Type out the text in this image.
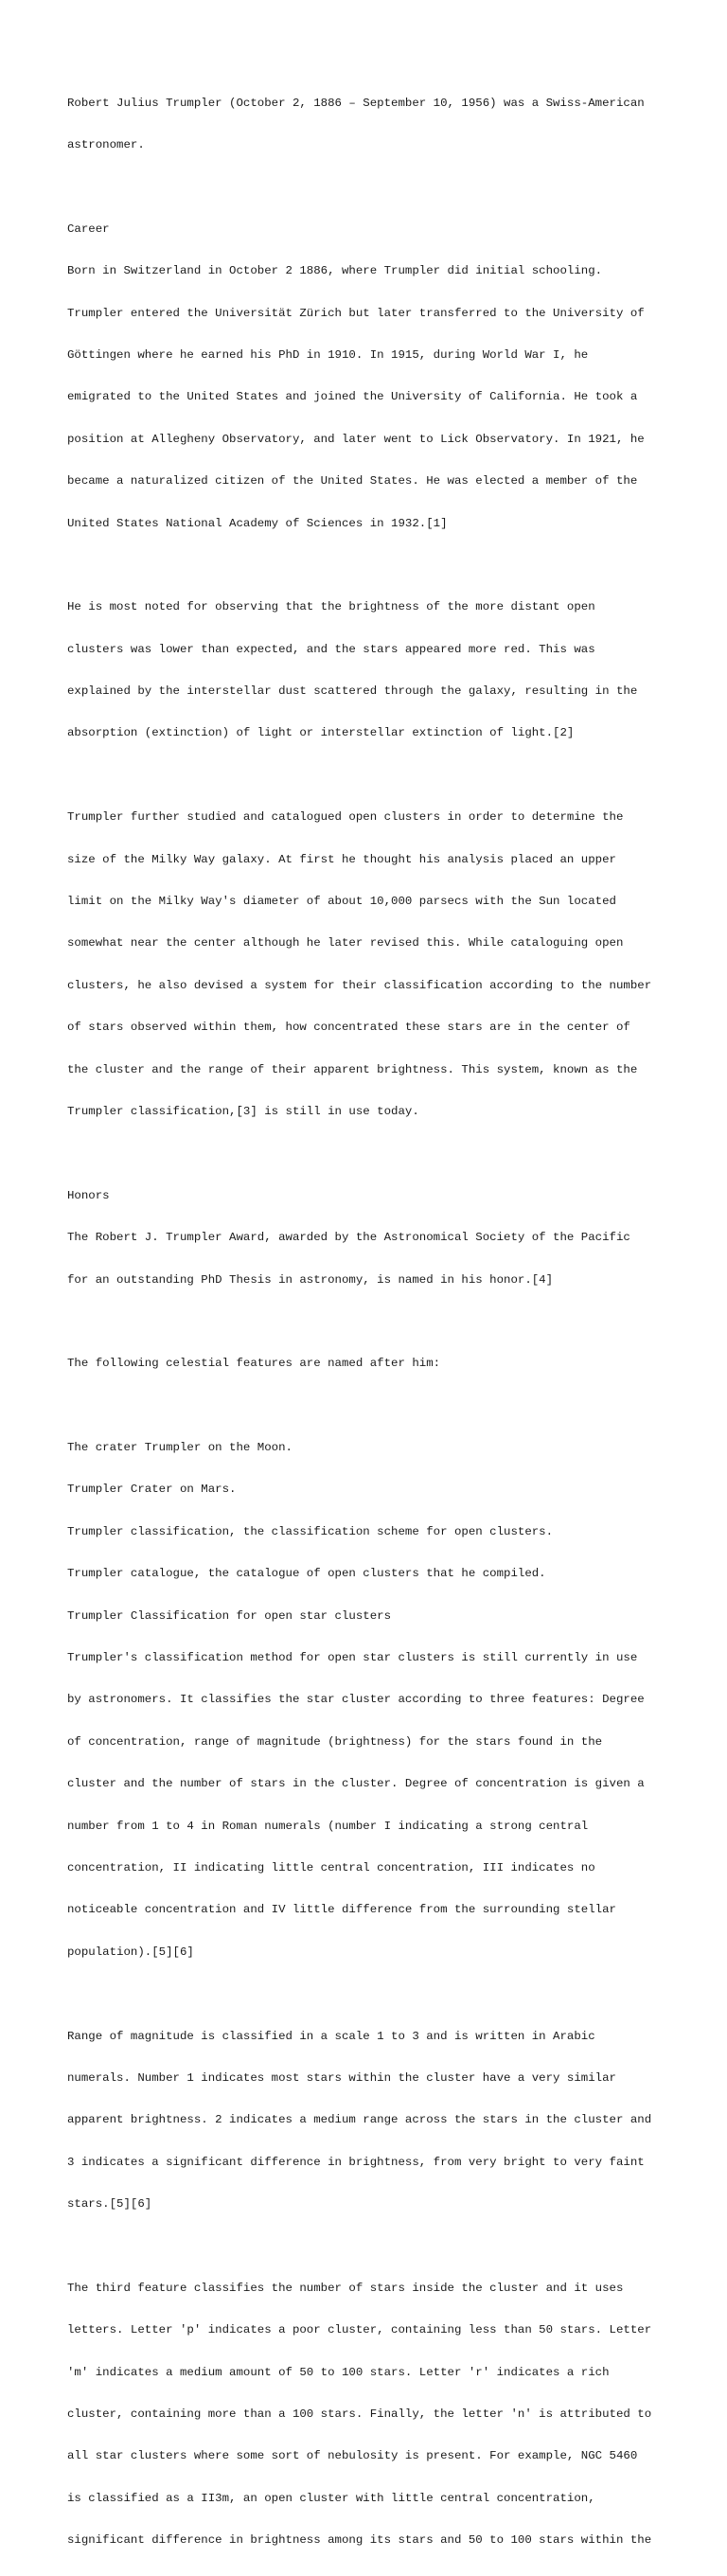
Robert Julius Trumpler (October 2, 1886 – September 10, 1956) was a Swiss-American

astronomer.

Career

Born in Switzerland in October 2 1886, where Trumpler did initial schooling.

Trumpler entered the Universität Zürich but later transferred to the University of

Göttingen where he earned his PhD in 1910. In 1915, during World War I, he

emigrated to the United States and joined the University of California. He took a

position at Allegheny Observatory, and later went to Lick Observatory. In 1921, he

became a naturalized citizen of the United States. He was elected a member of the

United States National Academy of Sciences in 1932.[1]

He is most noted for observing that the brightness of the more distant open

clusters was lower than expected, and the stars appeared more red. This was

explained by the interstellar dust scattered through the galaxy, resulting in the

absorption (extinction) of light or interstellar extinction of light.[2]

Trumpler further studied and catalogued open clusters in order to determine the

size of the Milky Way galaxy. At first he thought his analysis placed an upper

limit on the Milky Way's diameter of about 10,000 parsecs with the Sun located

somewhat near the center although he later revised this. While cataloguing open

clusters, he also devised a system for their classification according to the number

of stars observed within them, how concentrated these stars are in the center of

the cluster and the range of their apparent brightness. This system, known as the

Trumpler classification,[3] is still in use today.

Honors

The Robert J. Trumpler Award, awarded by the Astronomical Society of the Pacific

for an outstanding PhD Thesis in astronomy, is named in his honor.[4]

The following celestial features are named after him:

The crater Trumpler on the Moon.

Trumpler Crater on Mars.

Trumpler classification, the classification scheme for open clusters.

Trumpler catalogue, the catalogue of open clusters that he compiled.

Trumpler Classification for open star clusters

Trumpler's classification method for open star clusters is still currently in use

by astronomers. It classifies the star cluster according to three features: Degree

of concentration, range of magnitude (brightness) for the stars found in the

cluster and the number of stars in the cluster. Degree of concentration is given a

number from 1 to 4 in Roman numerals (number I indicating a strong central

concentration, II indicating little central concentration, III indicates no

noticeable concentration and IV little difference from the surrounding stellar

population).[5][6]

Range of magnitude is classified in a scale 1 to 3 and is written in Arabic

numerals. Number 1 indicates most stars within the cluster have a very similar

apparent brightness. 2 indicates a medium range across the stars in the cluster and

3 indicates a significant difference in brightness, from very bright to very faint

stars.[5][6]

The third feature classifies the number of stars inside the cluster and it uses

letters. Letter 'p' indicates a poor cluster, containing less than 50 stars. Letter

'm' indicates a medium amount of 50 to 100 stars. Letter 'r' indicates a rich

cluster, containing more than a 100 stars. Finally, the letter 'n' is attributed to

all star clusters where some sort of nebulosity is present. For example, NGC 5460

is classified as a II3m, an open cluster with little central concentration,

significant difference in brightness among its stars and 50 to 100 stars within the
